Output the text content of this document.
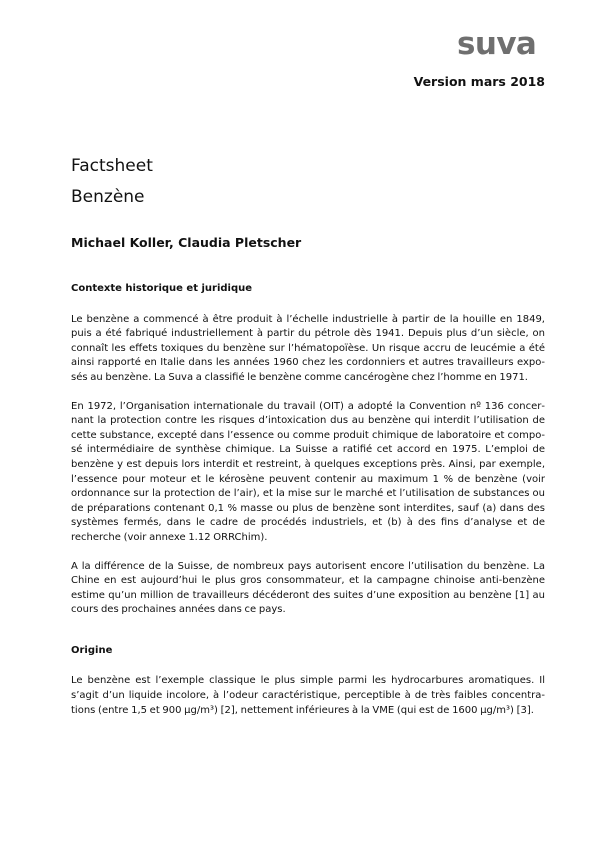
suva
Version mars 2018
Factsheet
Benzène
Michael Koller, Claudia Pletscher
Contexte historique et juridique

Le benzène a commencé à être produit à l’échelle industrielle à partir de la houille en 1849, puis a été fabriqué industriellement à partir du pétrole dès 1941. Depuis plus d’un siècle, on connaît les effets toxiques du benzène sur l’hématopoïèse. Un risque accru de leucémie a été ainsi rapporté en Italie dans les années 1960 chez les cordonniers et autres travailleurs exposés au benzène. La Suva a classifié le benzène comme cancérogène chez l’homme en 1971.

En 1972, l’Organisation internationale du travail (OIT) a adopté la Convention nº 136 concernant la protection contre les risques d’intoxication dus au benzène qui interdit l’utilisation de cette substance, excepté dans l’essence ou comme produit chimique de laboratoire et composé intermédiaire de synthèse chimique. La Suisse a ratifié cet accord en 1975. L’emploi de benzène y est depuis lors interdit et restreint, à quelques exceptions près. Ainsi, par exemple, l’essence pour moteur et le kérosène peuvent contenir au maximum 1 % de benzène (voir ordonnance sur la protection de l’air), et la mise sur le marché et l’utilisation de substances ou de préparations contenant 0,1 % masse ou plus de benzène sont interdites, sauf (a) dans des systèmes fermés, dans le cadre de procédés industriels, et (b) à des fins d’analyse et de recherche (voir annexe 1.12 ORRChim).

A la différence de la Suisse, de nombreux pays autorisent encore l’utilisation du benzène. La Chine en est aujourd’hui le plus gros consommateur, et la campagne chinoise anti-benzène estime qu’un million de travailleurs décéderont des suites d’une exposition au benzène [1] au cours des prochaines années dans ce pays.

Origine

Le benzène est l’exemple classique le plus simple parmi les hydrocarbures aromatiques. Il s’agit d’un liquide incolore, à l’odeur caractéristique, perceptible à de très faibles concentrations (entre 1,5 et 900 µg/m³) [2], nettement inférieures à la VME (qui est de 1600 µg/m³) [3].
